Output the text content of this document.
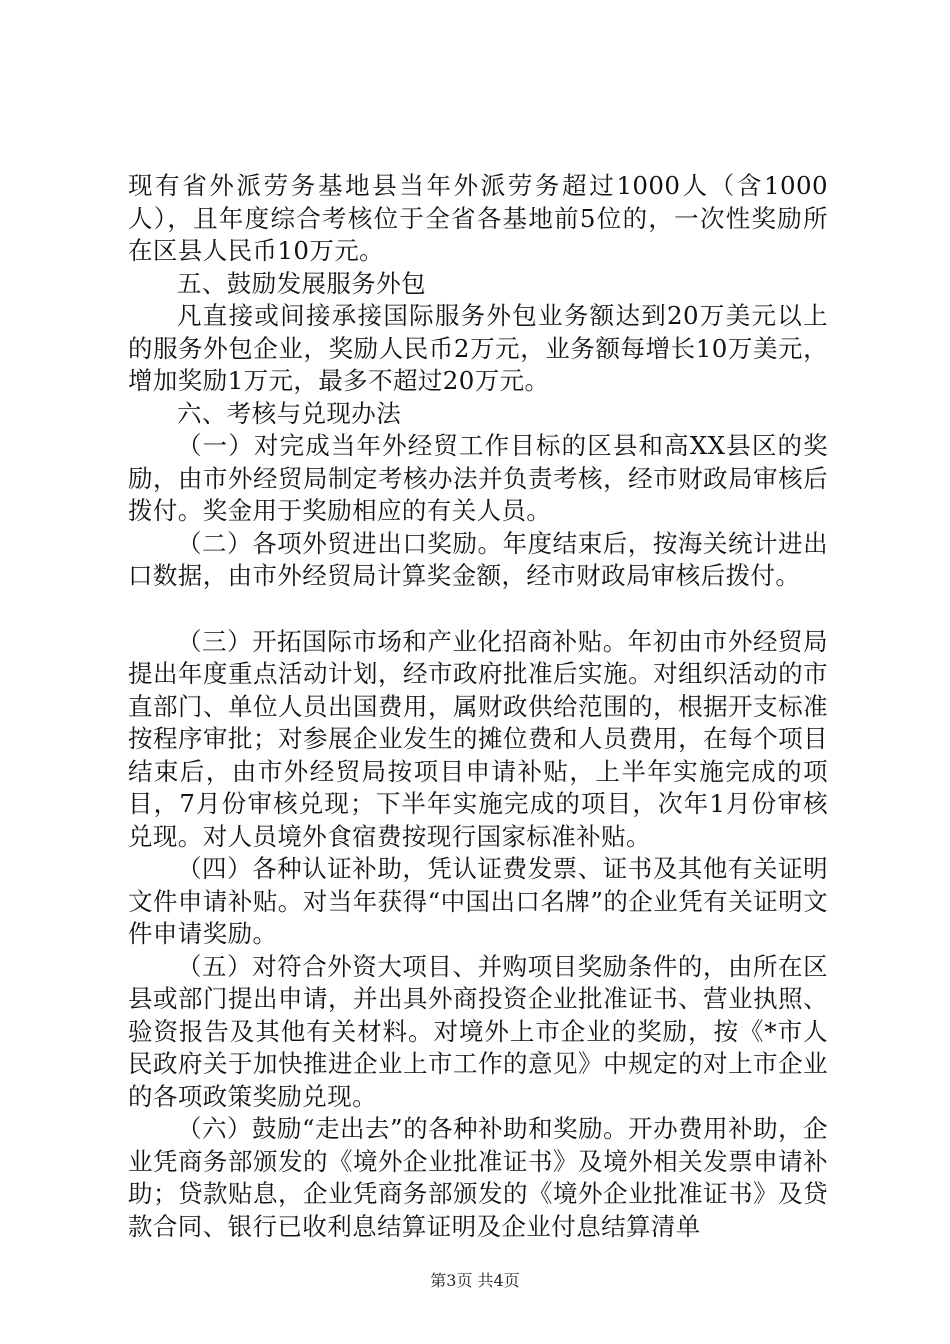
现有省外派劳务基地县当年外派劳务超过1000人（含1000人），且年度综合考核位于全省各基地前5位的，一次性奖励所在区县人民币10万元。

五、鼓励发展服务外包

凡直接或间接承接国际服务外包业务额达到20万美元以上的服务外包企业，奖励人民币2万元，业务额每增长10万美元，增加奖励1万元，最多不超过20万元。

六、考核与兑现办法

（一）对完成当年外经贸工作目标的区县和高XX县区的奖励，由市外经贸局制定考核办法并负责考核，经市财政局审核后拨付。奖金用于奖励相应的有关人员。

（二）各项外贸进出口奖励。年度结束后，按海关统计进出口数据，由市外经贸局计算奖金额，经市财政局审核后拨付。

（三）开拓国际市场和产业化招商补贴。年初由市外经贸局提出年度重点活动计划，经市政府批准后实施。对组织活动的市直部门、单位人员出国费用，属财政供给范围的，根据开支标准按程序审批；对参展企业发生的摊位费和人员费用，在每个项目结束后，由市外经贸局按项目申请补贴，上半年实施完成的项目，7月份审核兑现；下半年实施完成的项目，次年1月份审核兑现。对人员境外食宿费按现行国家标准补贴。

（四）各种认证补助，凭认证费发票、证书及其他有关证明文件申请补贴。对当年获得“中国出口名牌”的企业凭有关证明文件申请奖励。

（五）对符合外资大项目、并购项目奖励条件的，由所在区县或部门提出申请，并出具外商投资企业批准证书、营业执照、验资报告及其他有关材料。对境外上市企业的奖励，按《*市人民政府关于加快推进企业上市工作的意见》中规定的对上市企业的各项政策奖励兑现。

（六）鼓励“走出去”的各种补助和奖励。开办费用补助，企业凭商务部颁发的《境外企业批准证书》及境外相关发票申请补助；贷款贴息，企业凭商务部颁发的《境外企业批准证书》及贷款合同、银行已收利息结算证明及企业付息结算清单

第3页 共4页
